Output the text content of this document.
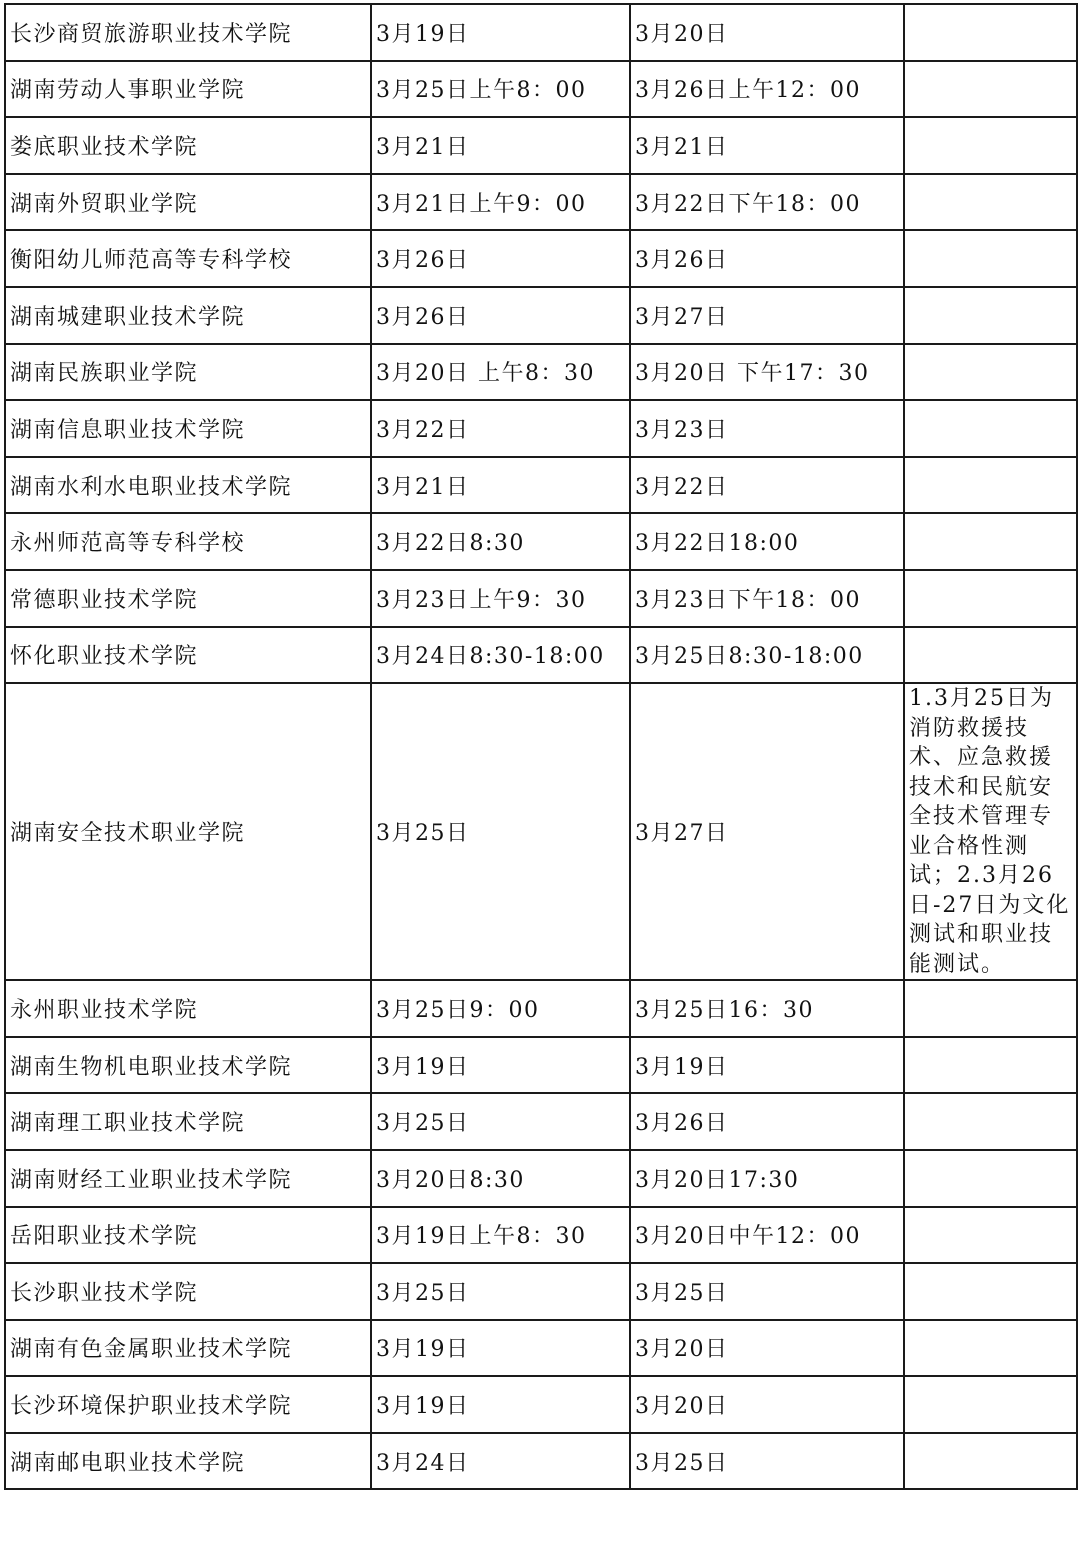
长沙商贸旅游职业技术学院	3月19日	3月20日	

湖南劳动人事职业学院	3月25日上午8：00	3月26日上午12：00	

娄底职业技术学院	3月21日	3月21日	

湖南外贸职业学院	3月21日上午9：00	3月22日下午18：00	

衡阳幼儿师范高等专科学校	3月26日	3月26日	

湖南城建职业技术学院	3月26日	3月27日	

湖南民族职业学院	3月20日 上午8：30	3月20日 下午17：30	

湖南信息职业技术学院	3月22日	3月23日	

湖南水利水电职业技术学院	3月21日	3月22日	

永州师范高等专科学校	3月22日8:30	3月22日18:00	

常德职业技术学院	3月23日上午9：30	3月23日下午18：00	

怀化职业技术学院	3月24日8:30-18:00	3月25日8:30-18:00	

湖南安全技术职业学院	3月25日	3月27日	1.3月25日为消防救援技术、应急救援技术和民航安全技术管理专业合格性测试；2.3月26日-27日为文化测试和职业技能测试。

永州职业技术学院	3月25日9：00	3月25日16：30	

湖南生物机电职业技术学院	3月19日	3月19日	

湖南理工职业技术学院	3月25日	3月26日	

湖南财经工业职业技术学院	3月20日8:30	3月20日17:30	

岳阳职业技术学院	3月19日上午8：30	3月20日中午12：00	

长沙职业技术学院	3月25日	3月25日	

湖南有色金属职业技术学院	3月19日	3月20日	

长沙环境保护职业技术学院	3月19日	3月20日	

湖南邮电职业技术学院	3月24日	3月25日	
